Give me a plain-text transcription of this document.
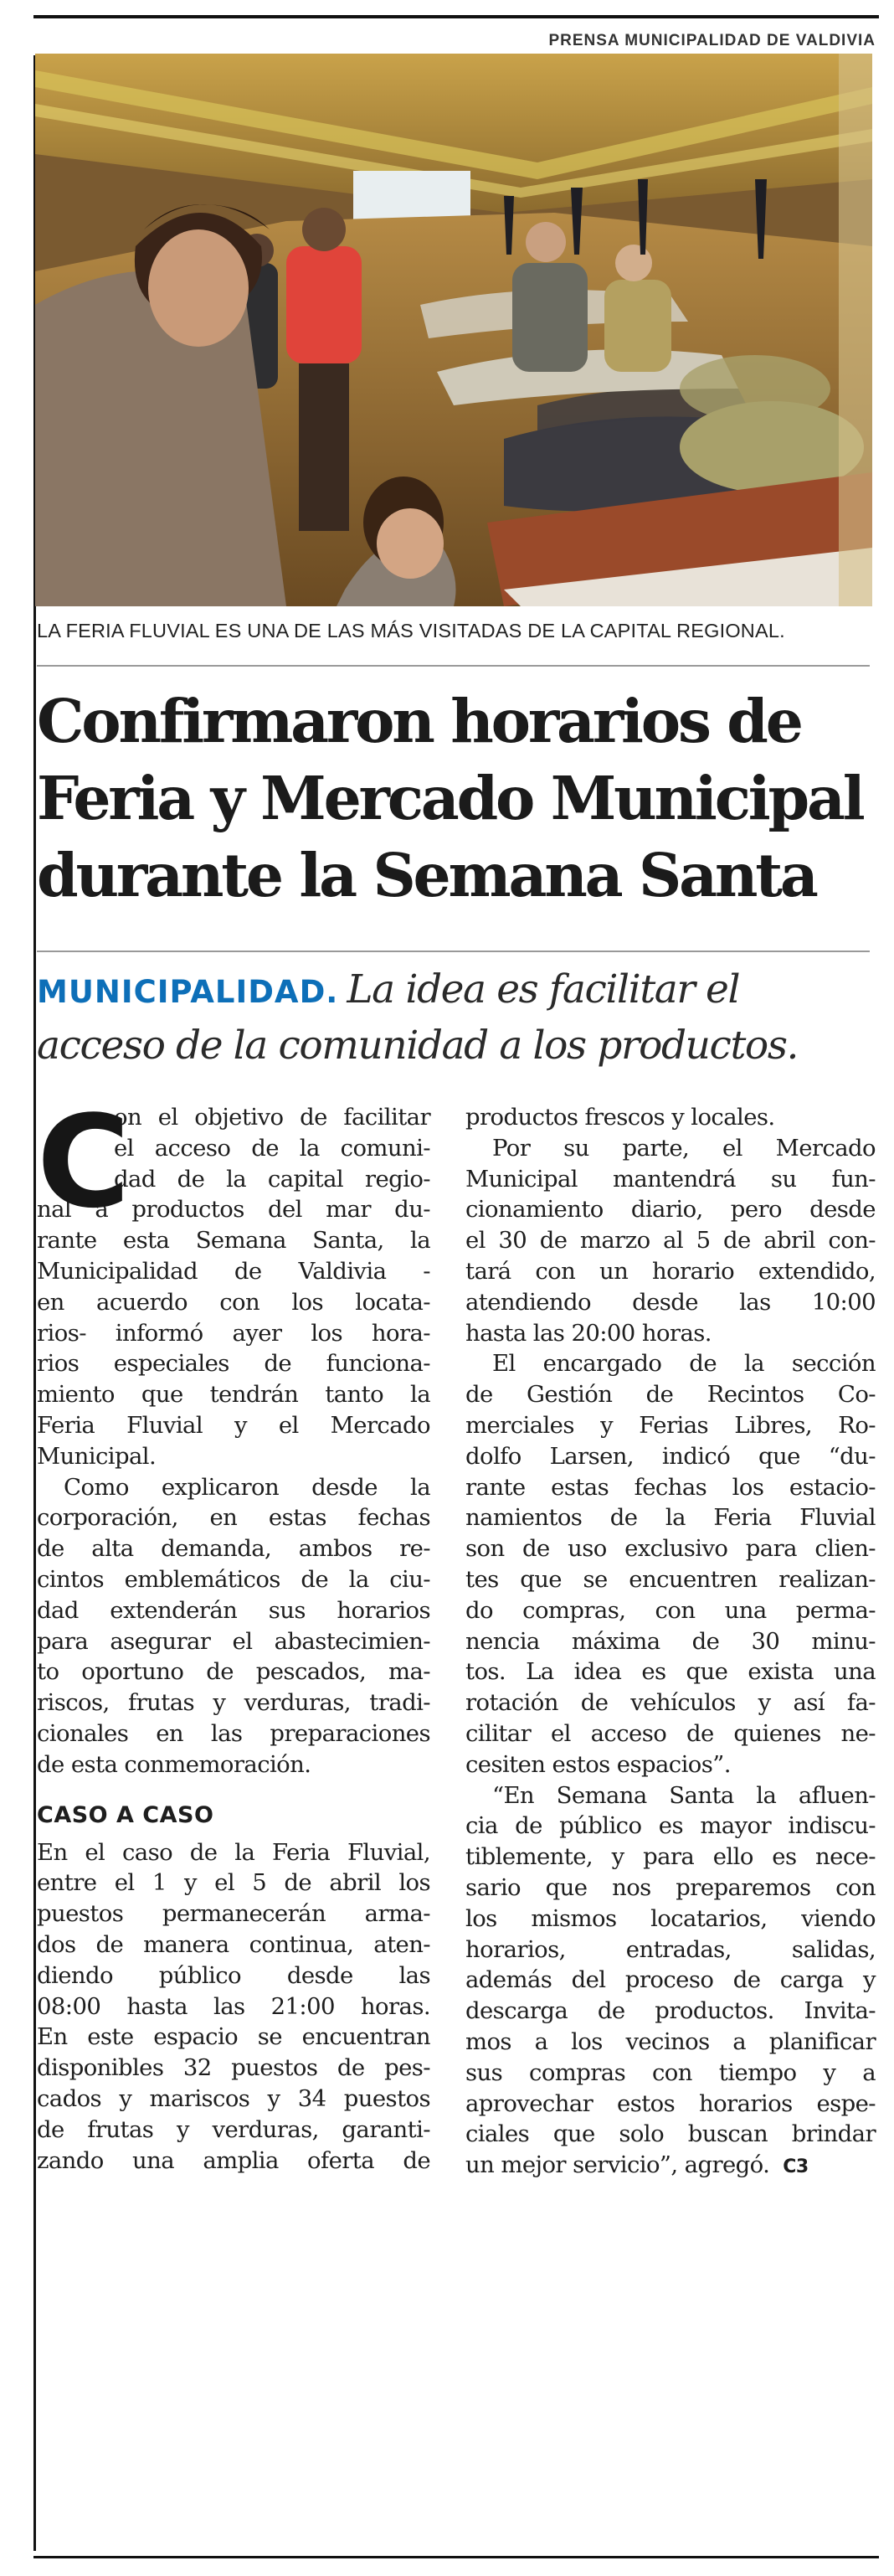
PRENSA MUNICIPALIDAD DE VALDIVIA
LA FERIA FLUVIAL ES UNA DE LAS MÁS VISITADAS DE LA CAPITAL REGIONAL.
Confirmaron horarios de
Feria y Mercado Municipal
durante la Semana Santa
MUNICIPALIDAD. La idea es facilitar el
acceso de la comunidad a los productos.
C
on el objetivo de facilitar
el acceso de la comuni-
dad de la capital regio-
nal a productos del mar du-
rante esta Semana Santa, la
Municipalidad de Valdivia -
en acuerdo con los locata-
rios- informó ayer los hora-
rios especiales de funciona-
miento que tendrán tanto la
Feria Fluvial y el Mercado
Municipal.
Como explicaron desde la
corporación, en estas fechas
de alta demanda, ambos re-
cintos emblemáticos de la ciu-
dad extenderán sus horarios
para asegurar el abastecimien-
to oportuno de pescados, ma-
riscos, frutas y verduras, tradi-
cionales en las preparaciones
de esta conmemoración.
CASO A CASO
En el caso de la Feria Fluvial,
entre el 1 y el 5 de abril los
puestos permanecerán arma-
dos de manera continua, aten-
diendo público desde las
08:00 hasta las 21:00 horas.
En este espacio se encuentran
disponibles 32 puestos de pes-
cados y mariscos y 34 puestos
de frutas y verduras, garanti-
zando una amplia oferta de
productos frescos y locales.
Por su parte, el Mercado
Municipal mantendrá su fun-
cionamiento diario, pero desde
el 30 de marzo al 5 de abril con-
tará con un horario extendido,
atendiendo desde las 10:00
hasta las 20:00 horas.
El encargado de la sección
de Gestión de Recintos Co-
merciales y Ferias Libres, Ro-
dolfo Larsen, indicó que “du-
rante estas fechas los estacio-
namientos de la Feria Fluvial
son de uso exclusivo para clien-
tes que se encuentren realizan-
do compras, con una perma-
nencia máxima de 30 minu-
tos. La idea es que exista una
rotación de vehículos y así fa-
cilitar el acceso de quienes ne-
cesiten estos espacios”.
“En Semana Santa la afluen-
cia de público es mayor indiscu-
tiblemente, y para ello es nece-
sario que nos preparemos con
los mismos locatarios, viendo
horarios, entradas, salidas,
además del proceso de carga y
descarga de productos. Invita-
mos a los vecinos a planificar
sus compras con tiempo y a
aprovechar estos horarios espe-
ciales que solo buscan brindar
un mejor servicio”, agregó. C3
